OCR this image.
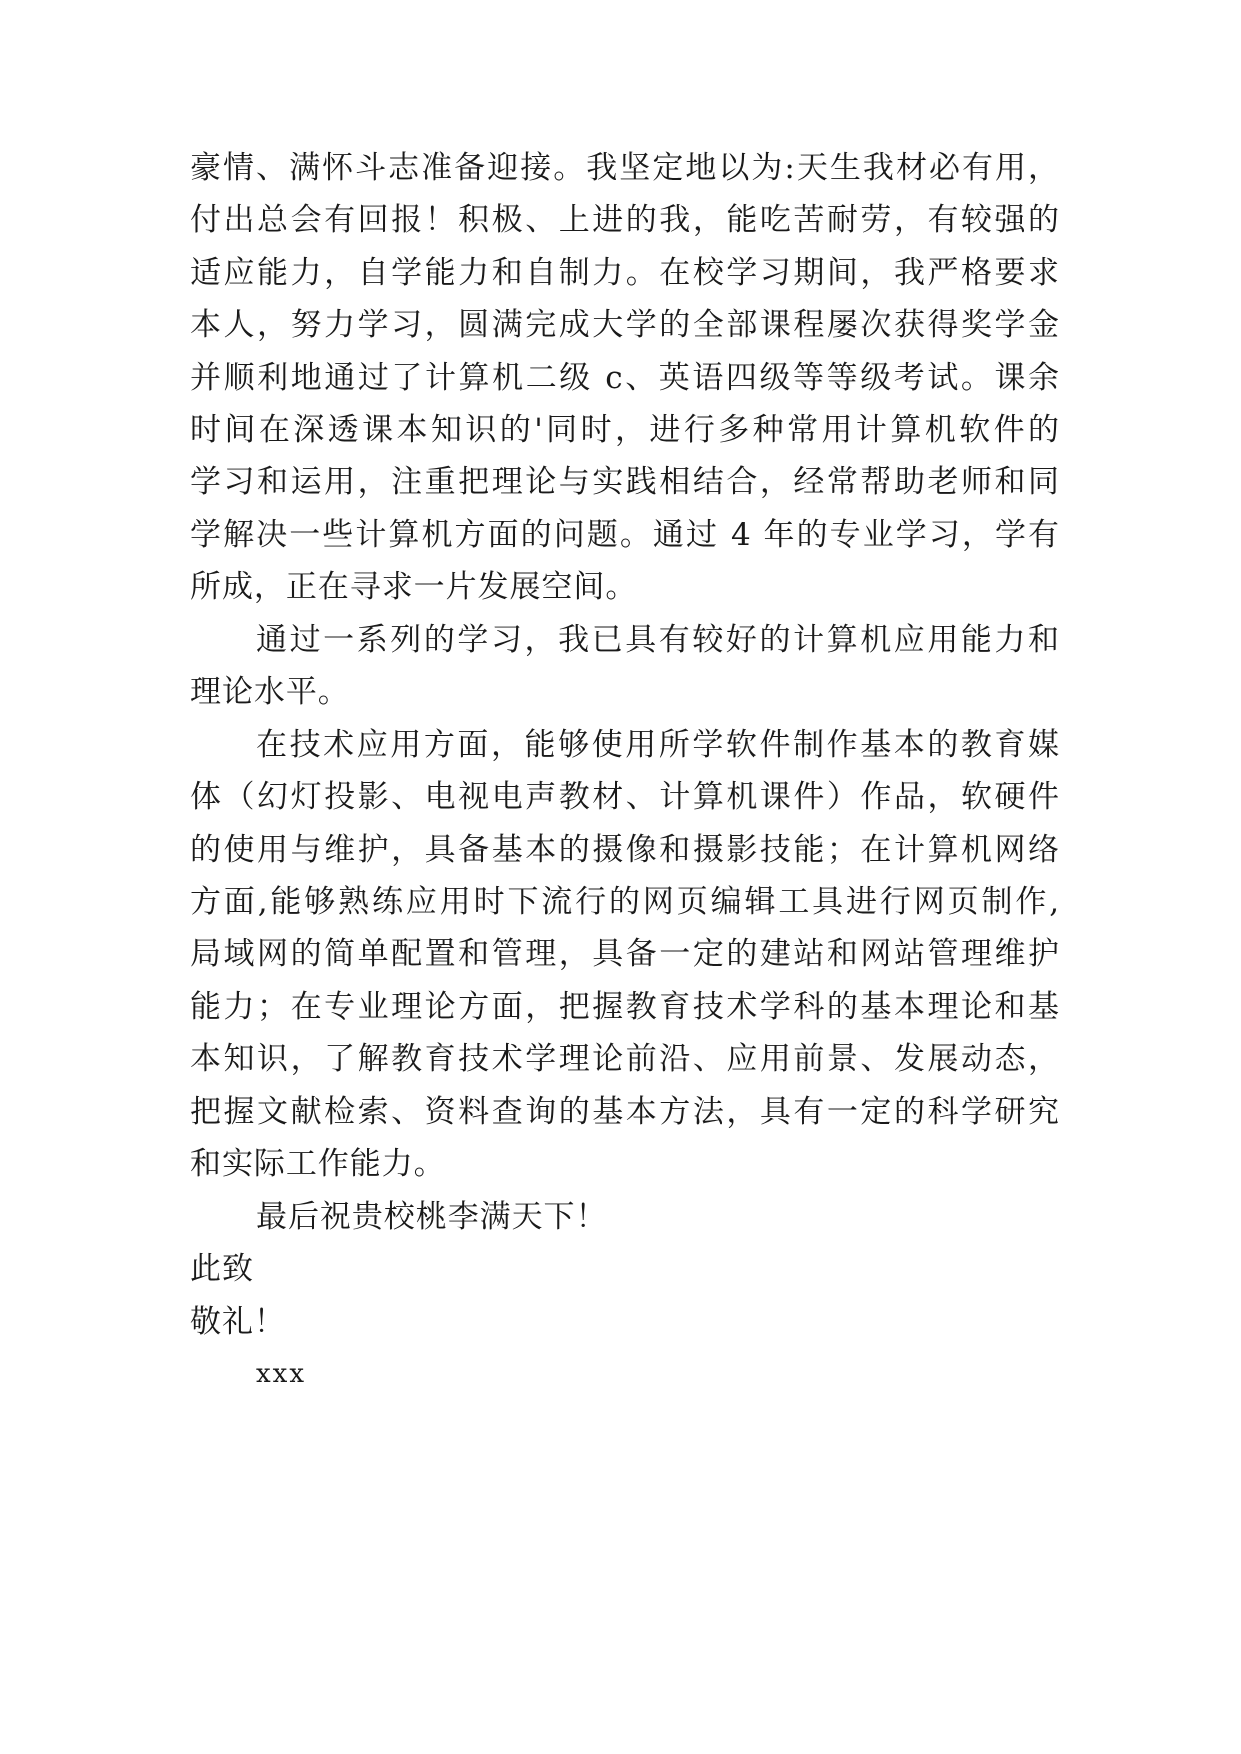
豪情、满怀斗志准备迎接。我坚定地以为:天生我材必有用，
付出总会有回报！积极、上进的我，能吃苦耐劳，有较强的
适应能力，自学能力和自制力。在校学习期间，我严格要求
本人，努力学习，圆满完成大学的全部课程屡次获得奖学金
并顺利地通过了计算机二级 c、英语四级等等级考试。课余
时间在深透课本知识的'同时，进行多种常用计算机软件的
学习和运用，注重把理论与实践相结合，经常帮助老师和同
学解决一些计算机方面的问题。通过 4 年的专业学习，学有
所成，正在寻求一片发展空间。
通过一系列的学习，我已具有较好的计算机应用能力和
理论水平。
在技术应用方面，能够使用所学软件制作基本的教育媒
体（幻灯投影、电视电声教材、计算机课件）作品，软硬件
的使用与维护，具备基本的摄像和摄影技能；在计算机网络
方面,能够熟练应用时下流行的网页编辑工具进行网页制作,
局域网的简单配置和管理，具备一定的建站和网站管理维护
能力；在专业理论方面，把握教育技术学科的基本理论和基
本知识，了解教育技术学理论前沿、应用前景、发展动态，
把握文献检索、资料查询的基本方法，具有一定的科学研究
和实际工作能力。
最后祝贵校桃李满天下！
此致
敬礼！
xxx
